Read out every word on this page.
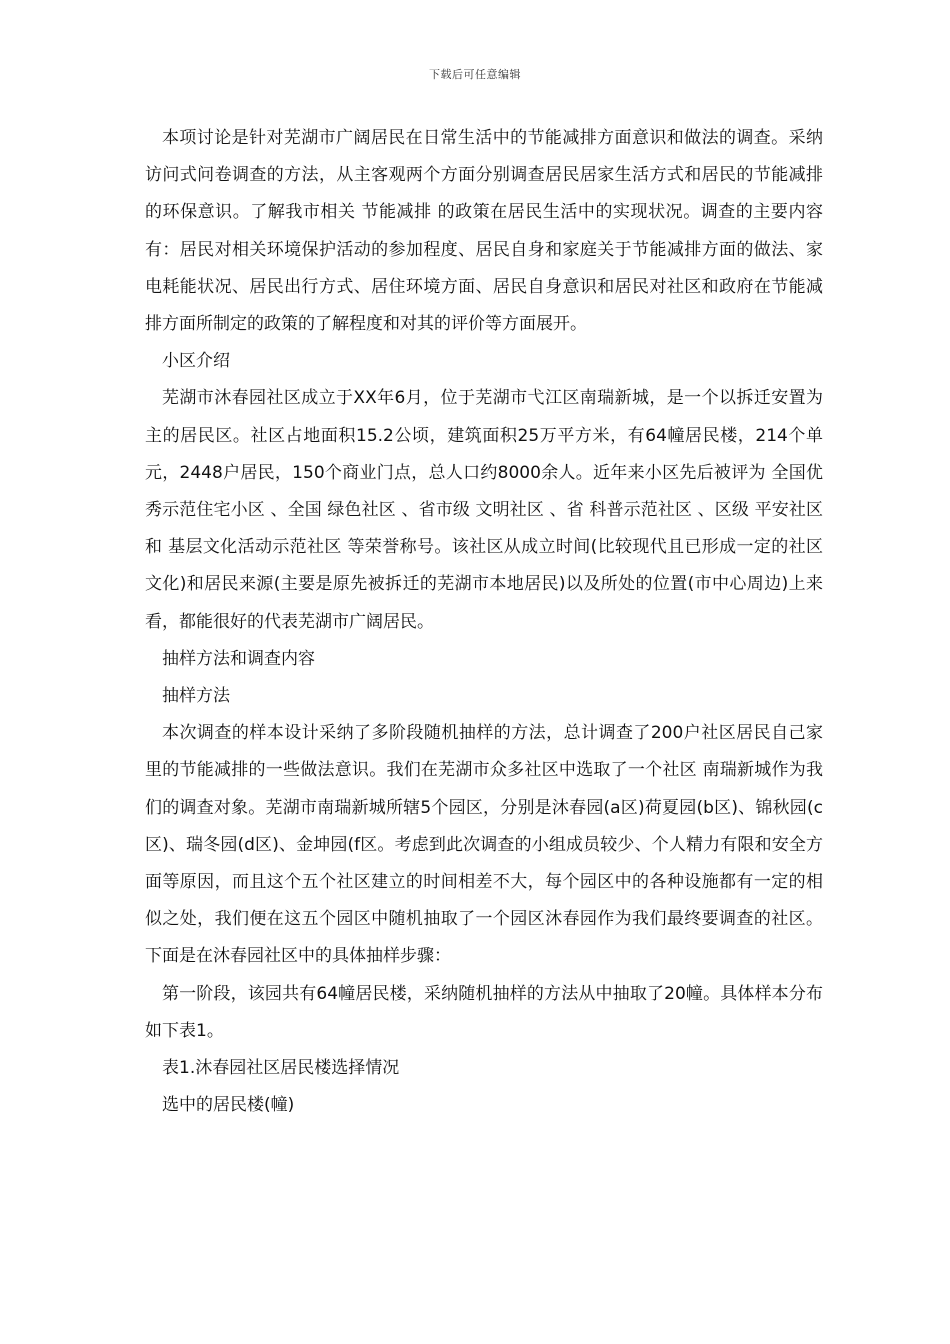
下载后可任意编辑

本项讨论是针对芜湖市广阔居民在日常生活中的节能减排方面意识和做法的调查。采纳访问式问卷调查的方法，从主客观两个方面分别调查居民居家生活方式和居民的节能减排的环保意识。了解我市相关 节能减排 的政策在居民生活中的实现状况。调查的主要内容有：居民对相关环境保护活动的参加程度、居民自身和家庭关于节能减排方面的做法、家电耗能状况、居民出行方式、居住环境方面、居民自身意识和居民对社区和政府在节能减排方面所制定的政策的了解程度和对其的评价等方面展开。

小区介绍

芜湖市沐春园社区成立于XX年6月，位于芜湖市弋江区南瑞新城，是一个以拆迁安置为主的居民区。社区占地面积15.2公顷，建筑面积25万平方米，有64幢居民楼，214个单元，2448户居民，150个商业门点，总人口约8000余人。近年来小区先后被评为 全国优秀示范住宅小区 、全国 绿色社区 、省市级 文明社区 、省 科普示范社区 、区级 平安社区 和 基层文化活动示范社区 等荣誉称号。该社区从成立时间(比较现代且已形成一定的社区文化)和居民来源(主要是原先被拆迁的芜湖市本地居民)以及所处的位置(市中心周边)上来看，都能很好的代表芜湖市广阔居民。

抽样方法和调查内容

抽样方法

本次调查的样本设计采纳了多阶段随机抽样的方法，总计调查了200户社区居民自己家里的节能减排的一些做法意识。我们在芜湖市众多社区中选取了一个社区 南瑞新城作为我们的调查对象。芜湖市南瑞新城所辖5个园区，分别是沐春园(a区)荷夏园(b区)、锦秋园(c区)、瑞冬园(d区)、金坤园(f区。考虑到此次调查的小组成员较少、个人精力有限和安全方面等原因，而且这个五个社区建立的时间相差不大，每个园区中的各种设施都有一定的相似之处，我们便在这五个园区中随机抽取了一个园区沐春园作为我们最终要调查的社区。下面是在沐春园社区中的具体抽样步骤：

第一阶段，该园共有64幢居民楼，采纳随机抽样的方法从中抽取了20幢。具体样本分布如下表1。

表1.沐春园社区居民楼选择情况

选中的居民楼(幢)
